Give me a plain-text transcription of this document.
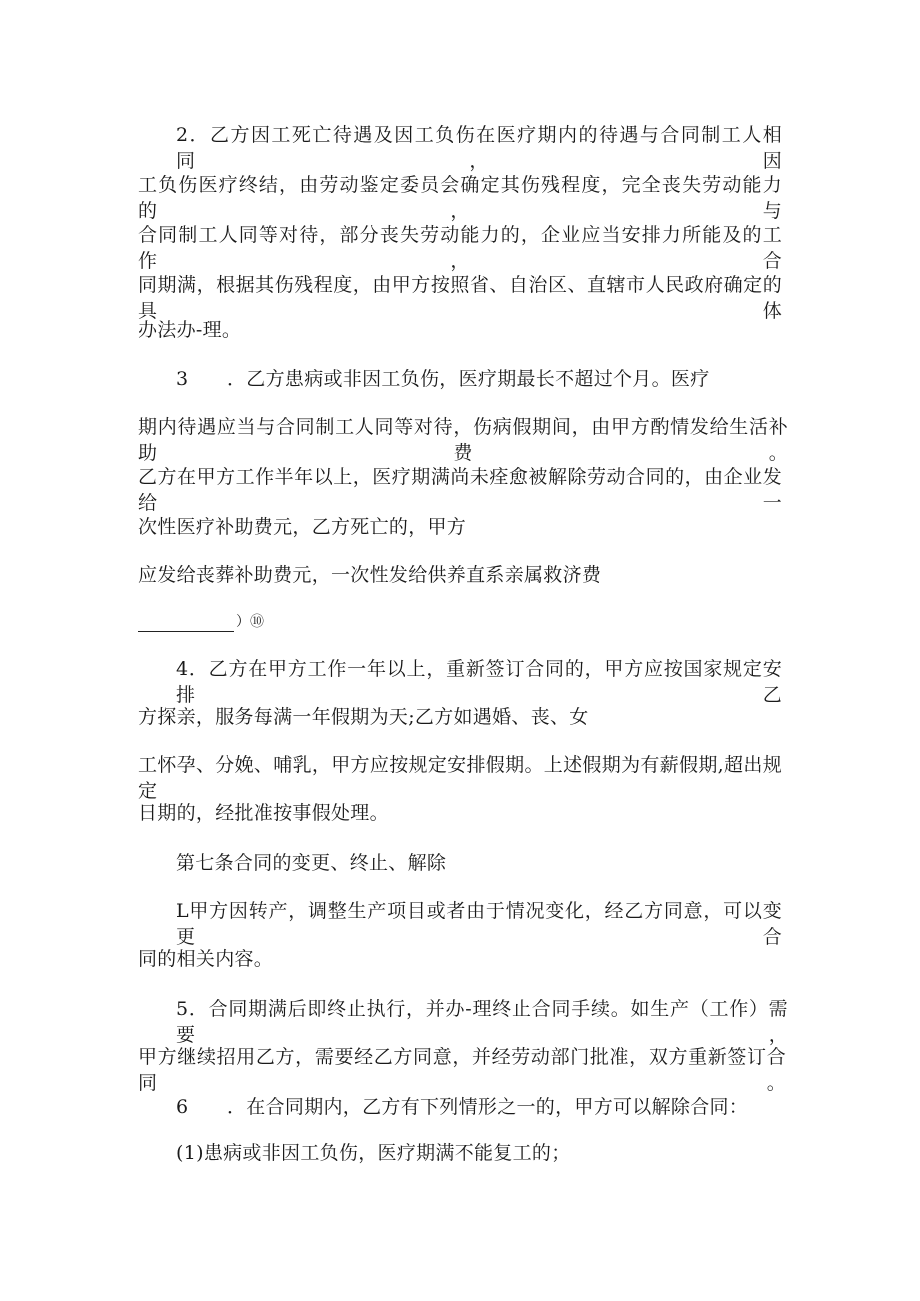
2．乙方因工死亡待遇及因工负伤在医疗期内的待遇与合同制工人相同，因
工负伤医疗终结，由劳动鉴定委员会确定其伤残程度，完全丧失劳动能力的，与
合同制工人同等对待，部分丧失劳动能力的，企业应当安排力所能及的工作，合
同期满，根据其伤残程度，由甲方按照省、自治区、直辖市人民政府确定的具体
办法办-理。
3　　．乙方患病或非因工负伤，医疗期最长不超过个月。医疗
期内待遇应当与合同制工人同等对待，伤病假期间，由甲方酌情发给生活补助费。
乙方在甲方工作半年以上，医疗期满尚未痊愈被解除劳动合同的，由企业发给一
次性医疗补助费元，乙方死亡的，甲方
应发给丧葬补助费元，一次性发给供养直系亲属救济费
）⑩
4．乙方在甲方工作一年以上，重新签订合同的，甲方应按国家规定安排乙
方探亲，服务每满一年假期为天;乙方如遇婚、丧、女
工怀孕、分娩、哺乳，甲方应按规定安排假期。上述假期为有薪假期,超出规定
日期的，经批准按事假处理。
第七条合同的变更、终止、解除
L甲方因转产，调整生产项目或者由于情况变化，经乙方同意，可以变更合
同的相关内容。
5．合同期满后即终止执行，并办-理终止合同手续。如生产（工作）需要，
甲方继续招用乙方，需要经乙方同意，并经劳动部门批准，双方重新签订合同。
6　　．在合同期内，乙方有下列情形之一的，甲方可以解除合同：
(1)患病或非因工负伤，医疗期满不能复工的；
